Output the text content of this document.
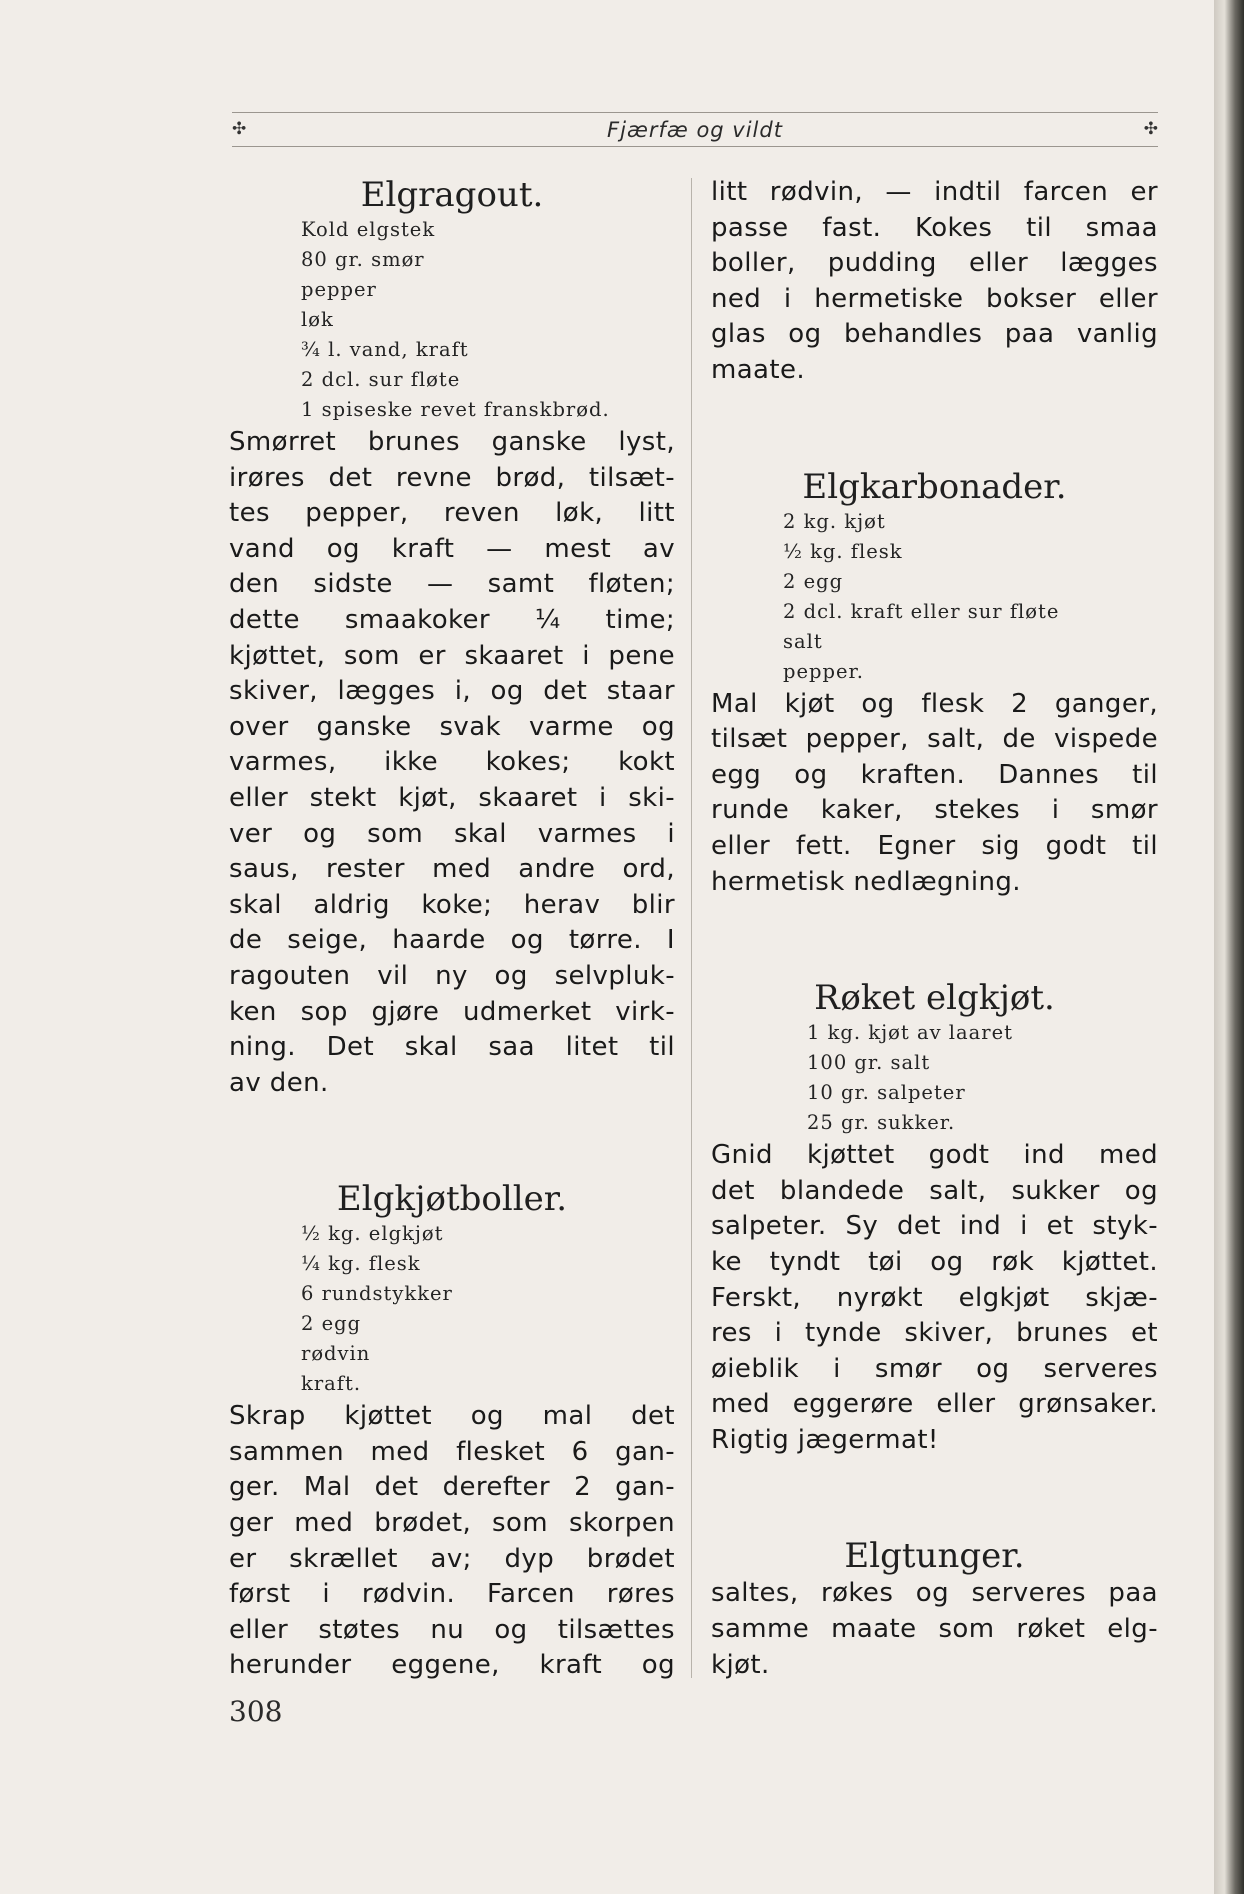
✣	Fjærfæ og vildt	✣
Elgragout.
Kold elgstek
80 gr. smør
pepper
løk
¾ l. vand, kraft
2 dcl. sur fløte
1 spiseske revet franskbrød.

Smørret brunes ganske lyst,
irøres det revne brød, tilsæt-
tes pepper, reven løk, litt
vand og kraft — mest av
den sidste — samt fløten;
dette smaakoker ¼ time;
kjøttet, som er skaaret i pene
skiver, lægges i, og det staar
over ganske svak varme og
varmes, ikke kokes; kokt
eller stekt kjøt, skaaret i ski-
ver og som skal varmes i
saus, rester med andre ord,
skal aldrig koke; herav blir
de seige, haarde og tørre. I
ragouten vil ny og selvpluk-
ken sop gjøre udmerket virk-
ning. Det skal saa litet til
av den.

Elgkjøtboller.
½ kg. elgkjøt
¼ kg. flesk
6 rundstykker
2 egg
rødvin
kraft.

Skrap kjøttet og mal det
sammen med flesket 6 gan-
ger. Mal det derefter 2 gan-
ger med brødet, som skorpen
er skrællet av; dyp brødet
først i rødvin. Farcen røres
eller støtes nu og tilsættes
herunder eggene, kraft og

litt rødvin, — indtil farcen er
passe fast. Kokes til smaa
boller, pudding eller lægges
ned i hermetiske bokser eller
glas og behandles paa vanlig
maate.

Elgkarbonader.
2 kg. kjøt
½ kg. flesk
2 egg
2 dcl. kraft eller sur fløte
salt
pepper.

Mal kjøt og flesk 2 ganger,
tilsæt pepper, salt, de vispede
egg og kraften. Dannes til
runde kaker, stekes i smør
eller fett. Egner sig godt til
hermetisk nedlægning.

Røket elgkjøt.
1 kg. kjøt av laaret
100 gr. salt
10 gr. salpeter
25 gr. sukker.

Gnid kjøttet godt ind med
det blandede salt, sukker og
salpeter. Sy det ind i et styk-
ke tyndt tøi og røk kjøttet.
Ferskt, nyrøkt elgkjøt skjæ-
res i tynde skiver, brunes et
øieblik i smør og serveres
med eggerøre eller grønsaker.
Rigtig jægermat!

Elgtunger.

saltes, røkes og serveres paa
samme maate som røket elg-
kjøt.

308
